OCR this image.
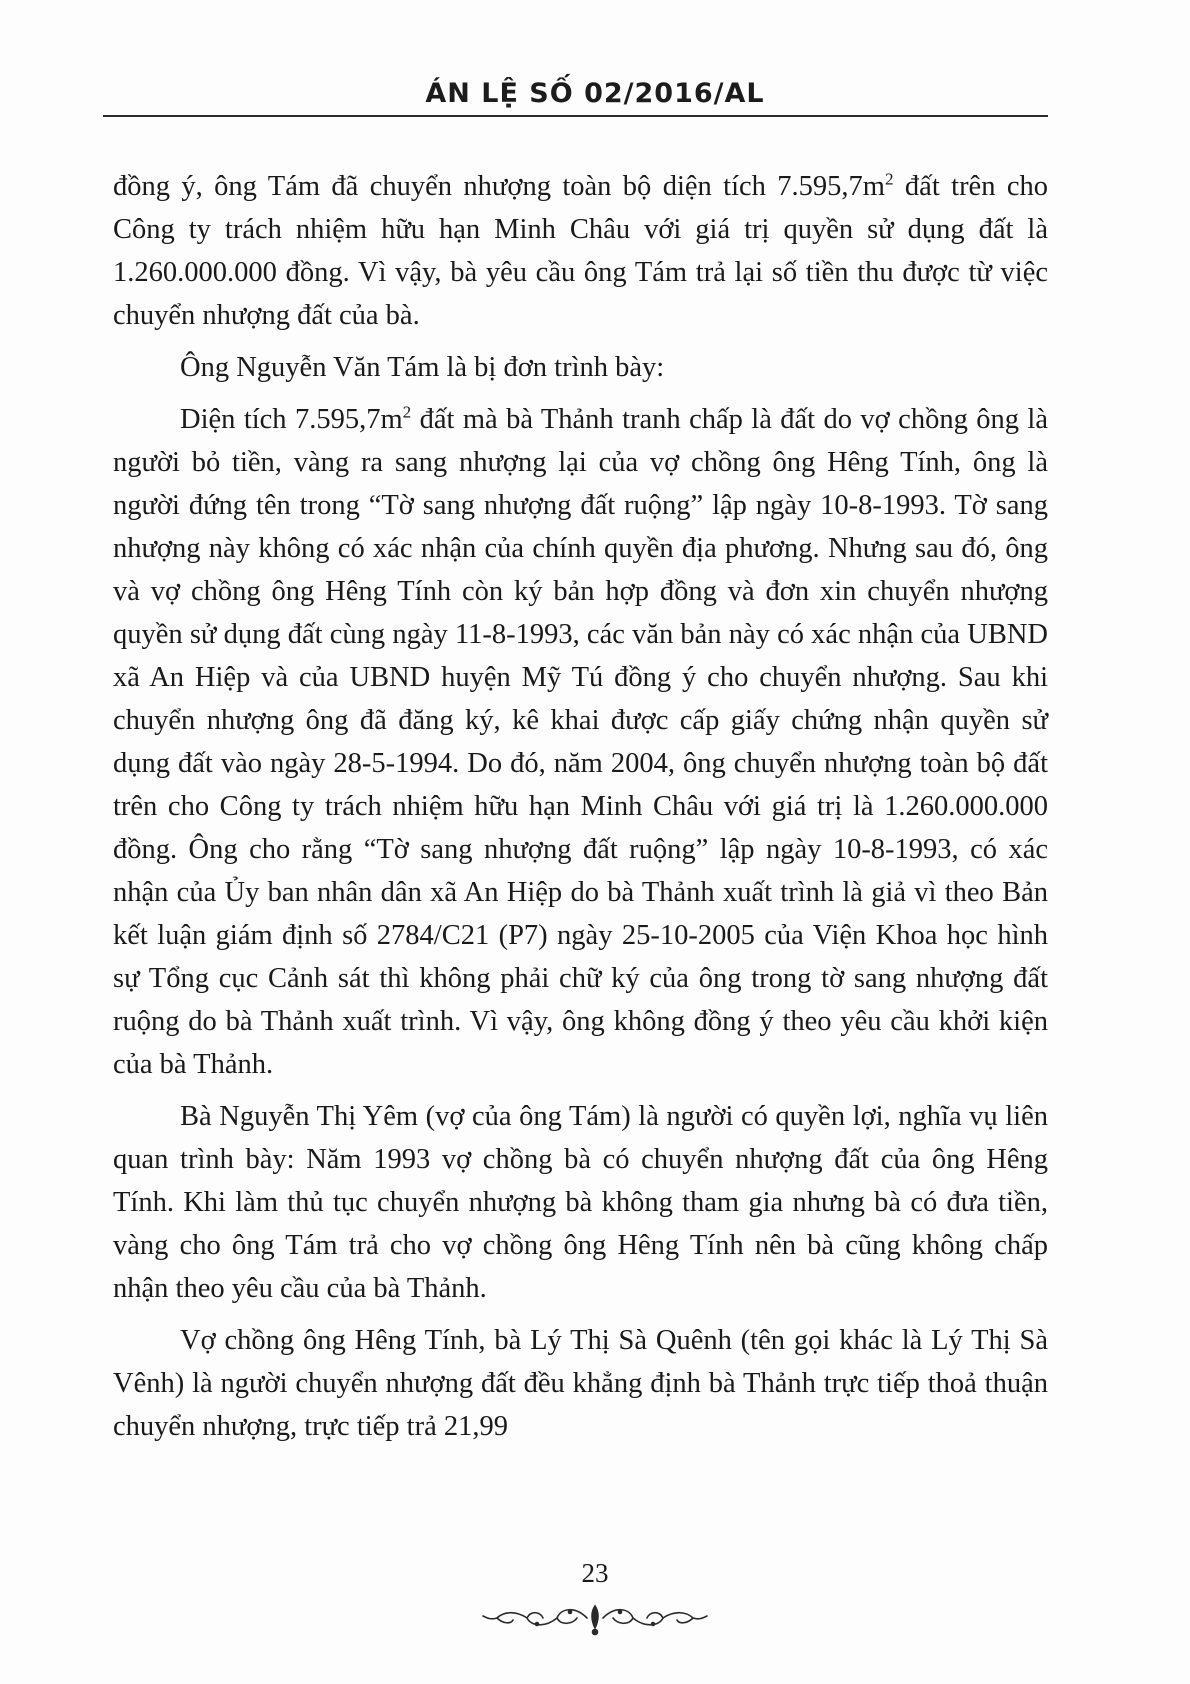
ÁN LỆ SỐ 02/2016/AL

đồng ý, ông Tám đã chuyển nhượng toàn bộ diện tích $7.595,7m^2$ đất trên cho Công ty trách nhiệm hữu hạn Minh Châu với giá trị quyền sử dụng đất là 1.260.000.000 đồng. Vì vậy, bà yêu cầu ông Tám trả lại số tiền thu được từ việc chuyển nhượng đất của bà.

Ông Nguyễn Văn Tám là bị đơn trình bày:

Diện tích $7.595,7m^2$ đất mà bà Thảnh tranh chấp là đất do vợ chồng ông là người bỏ tiền, vàng ra sang nhượng lại của vợ chồng ông Hêng Tính, ông là người đứng tên trong “Tờ sang nhượng đất ruộng” lập ngày 10-8-1993. Tờ sang nhượng này không có xác nhận của chính quyền địa phương. Nhưng sau đó, ông và vợ chồng ông Hêng Tính còn ký bản hợp đồng và đơn xin chuyển nhượng quyền sử dụng đất cùng ngày 11-8-1993, các văn bản này có xác nhận của UBND xã An Hiệp và của UBND huyện Mỹ Tú đồng ý cho chuyển nhượng. Sau khi chuyển nhượng ông đã đăng ký, kê khai được cấp giấy chứng nhận quyền sử dụng đất vào ngày 28-5-1994. Do đó, năm 2004, ông chuyển nhượng toàn bộ đất trên cho Công ty trách nhiệm hữu hạn Minh Châu với giá trị là 1.260.000.000 đồng. Ông cho rằng “Tờ sang nhượng đất ruộng” lập ngày 10-8-1993, có xác nhận của Ủy ban nhân dân xã An Hiệp do bà Thảnh xuất trình là giả vì theo Bản kết luận giám định số 2784/C21 (P7) ngày 25-10-2005 của Viện Khoa học hình sự Tổng cục Cảnh sát thì không phải chữ ký của ông trong tờ sang nhượng đất ruộng do bà Thảnh xuất trình. Vì vậy, ông không đồng ý theo yêu cầu khởi kiện của bà Thảnh.

Bà Nguyễn Thị Yêm (vợ của ông Tám) là người có quyền lợi, nghĩa vụ liên quan trình bày: Năm 1993 vợ chồng bà có chuyển nhượng đất của ông Hêng Tính. Khi làm thủ tục chuyển nhượng bà không tham gia nhưng bà có đưa tiền, vàng cho ông Tám trả cho vợ chồng ông Hêng Tính nên bà cũng không chấp nhận theo yêu cầu của bà Thảnh.

Vợ chồng ông Hêng Tính, bà Lý Thị Sà Quênh (tên gọi khác là Lý Thị Sà Vênh) là người chuyển nhượng đất đều khẳng định bà Thảnh trực tiếp thoả thuận chuyển nhượng, trực tiếp trả 21,99

23
